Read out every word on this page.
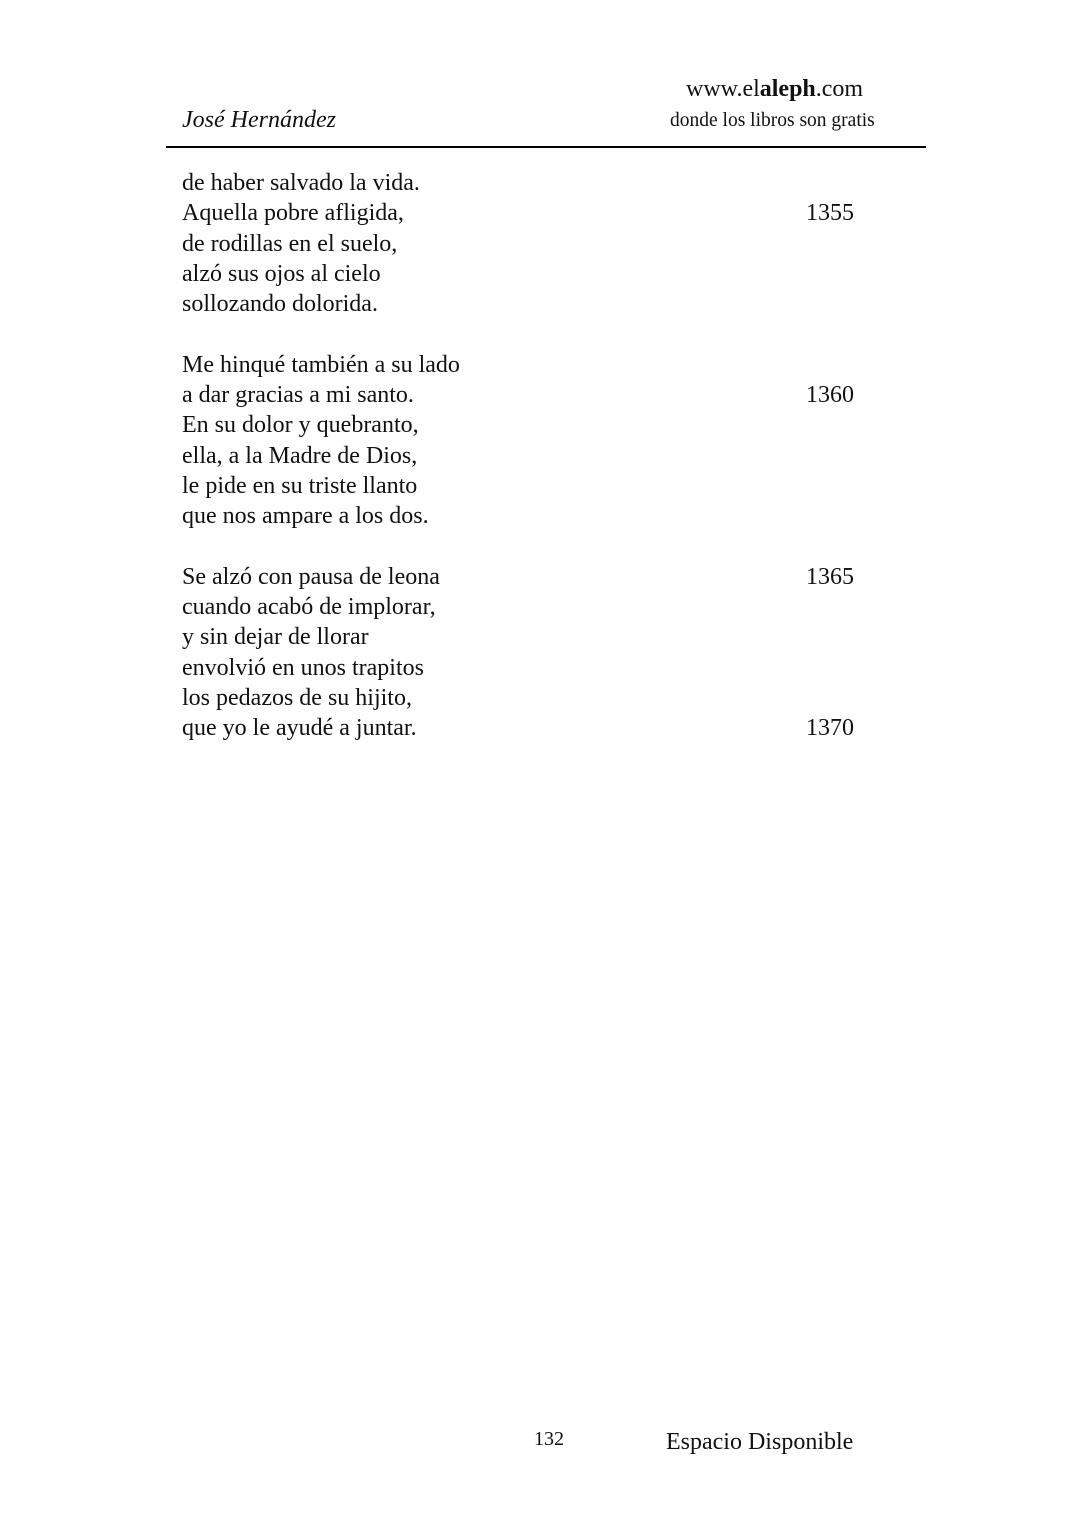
José Hernández
www.elaleph.com
donde los libros son gratis
de haber salvado la vida.
Aquella pobre afligida,	1355
de rodillas en el suelo,
alzó sus ojos al cielo
sollozando dolorida.
Me hinqué también a su lado
a dar gracias a mi santo.	1360
En su dolor y quebranto,
ella, a la Madre de Dios,
le pide en su triste llanto
que nos ampare a los dos.
Se alzó con pausa de leona	1365
cuando acabó de implorar,
y sin dejar de llorar
envolvió en unos trapitos
los pedazos de su hijito,
que yo le ayudé a juntar.	1370
132	Espacio Disponible
